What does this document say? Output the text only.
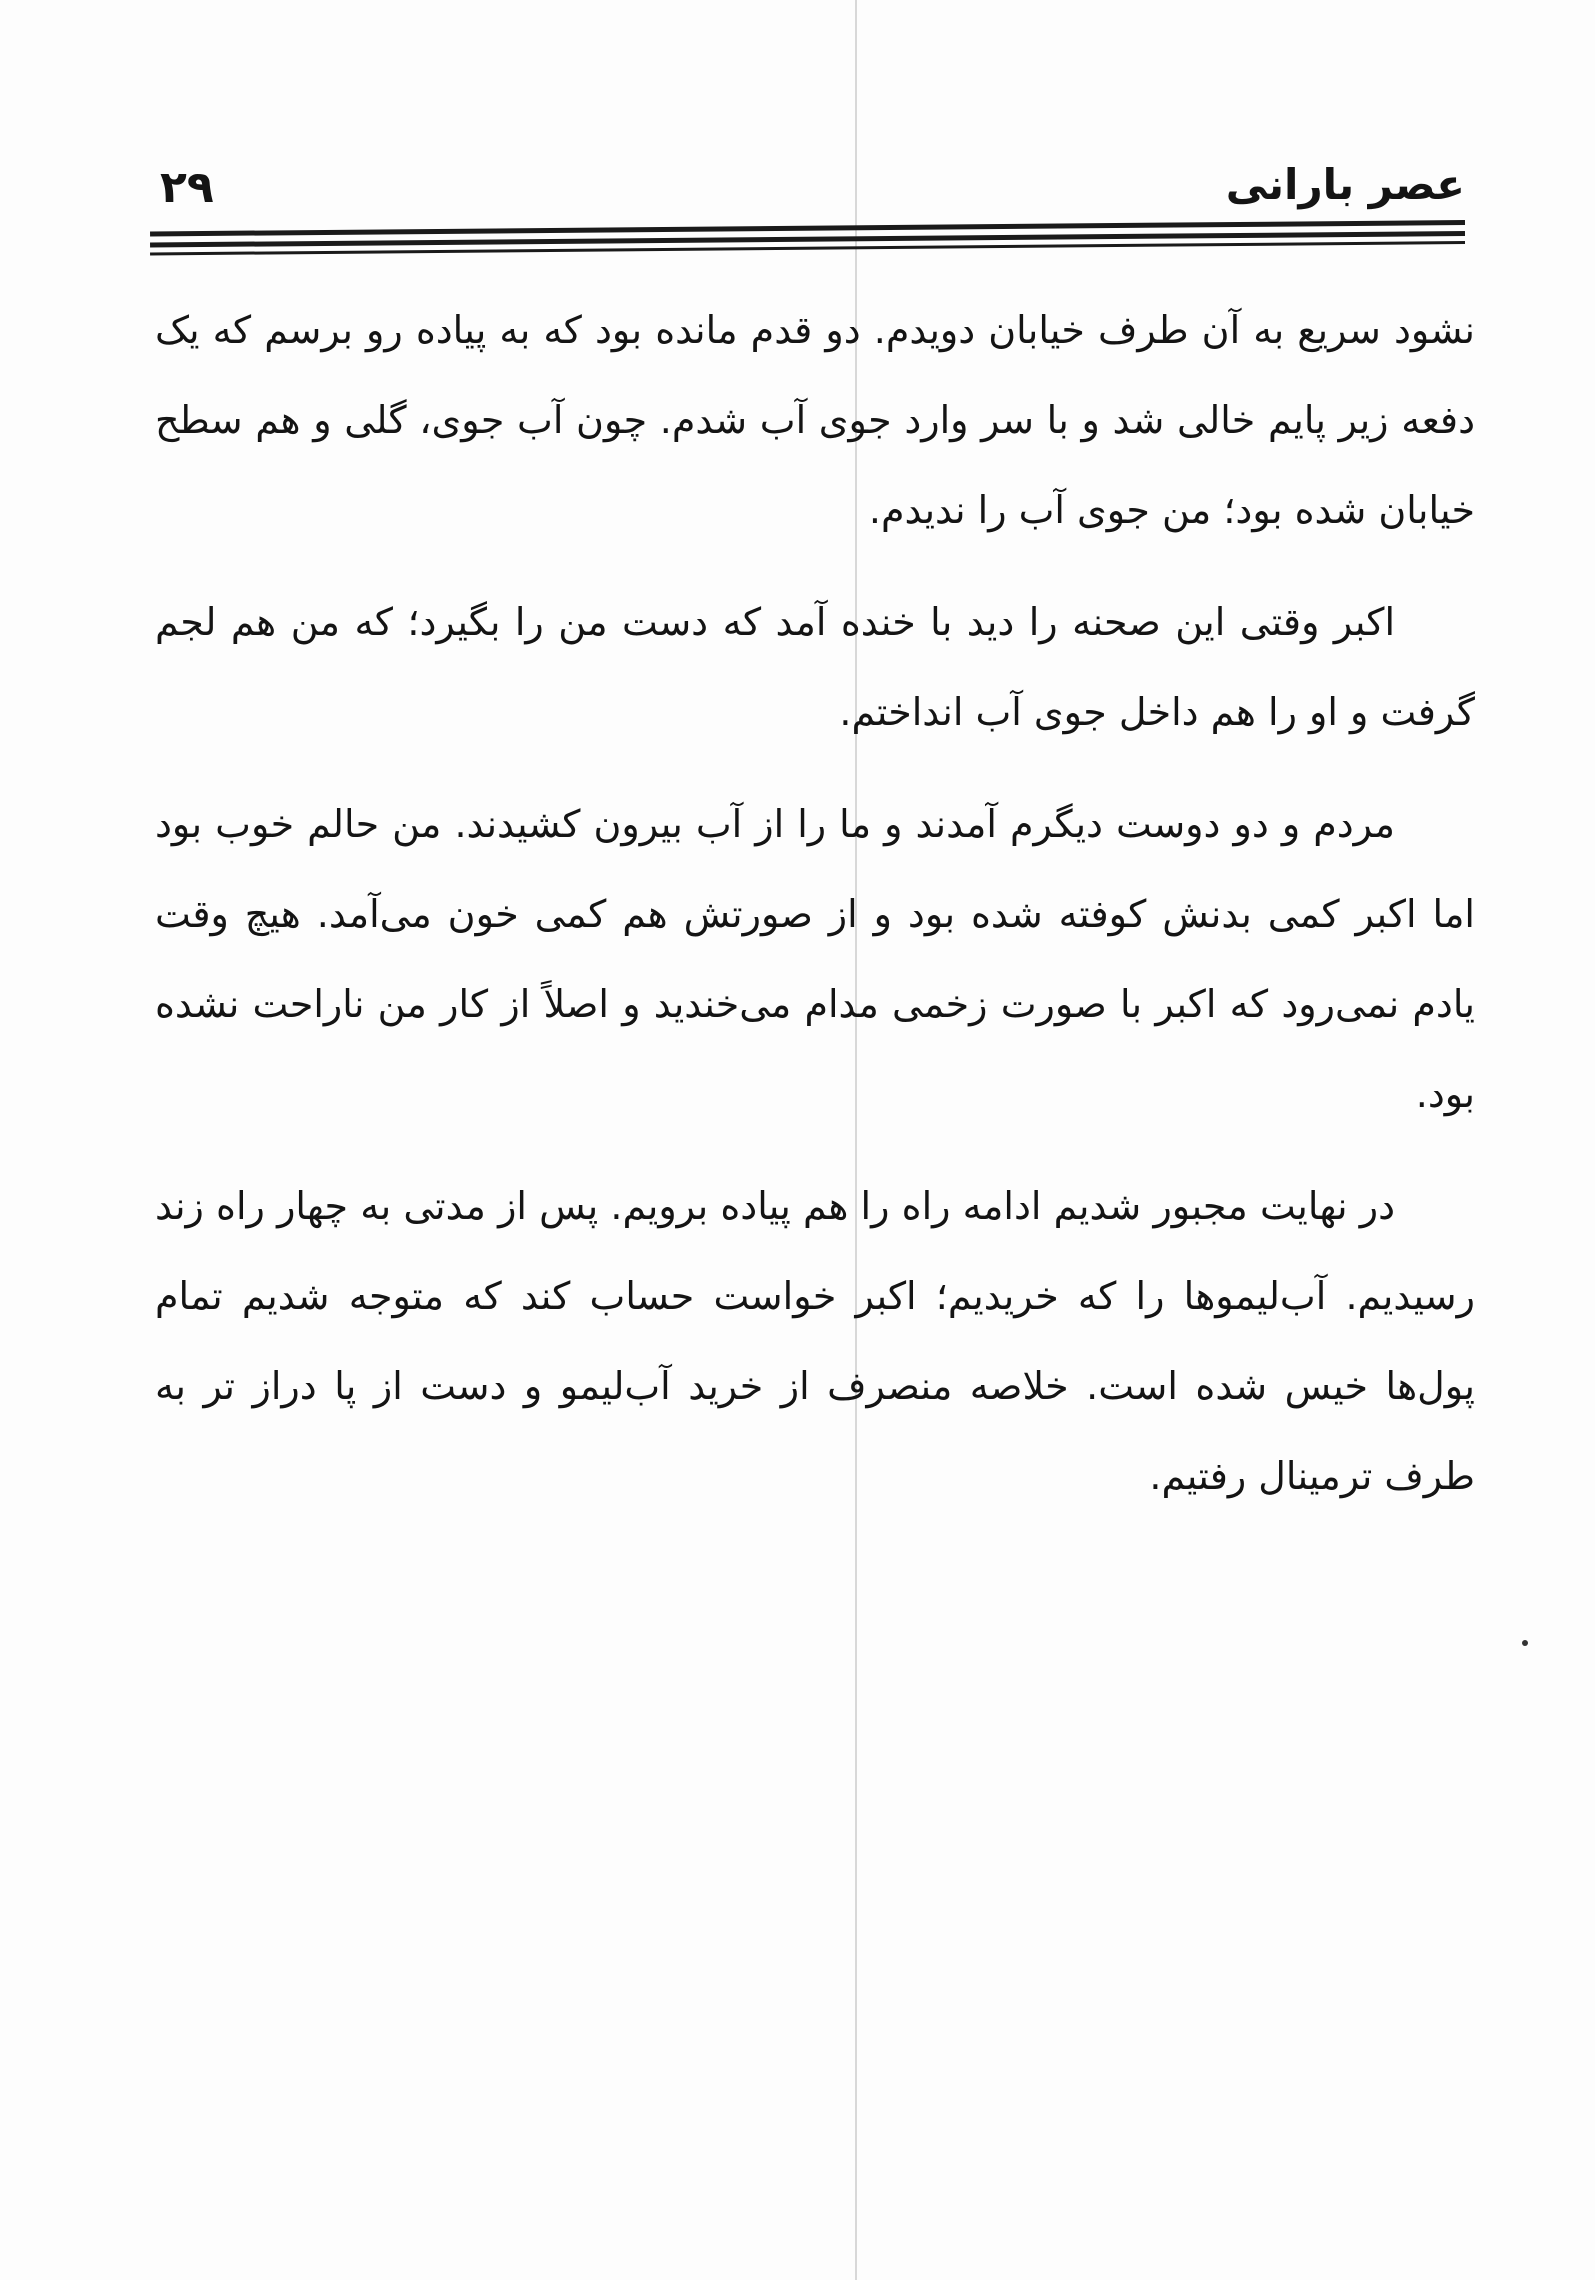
عصر بارانی
۲۹

نشود سریع به آن طرف خیابان دویدم. دو قدم مانده بود که به پیاده رو برسم که یک دفعه زیر پایم خالی شد و با سر وارد جوی آب شدم. چون آب جوی، گلی و هم سطح خیابان شده بود؛ من جوی آب را ندیدم.

اکبر وقتی این صحنه را دید با خنده آمد که دست من را بگیرد؛ که من هم لجم گرفت و او را هم داخل جوی آب انداختم.

مردم و دو دوست دیگرم آمدند و ما را از آب بیرون کشیدند. من حالم خوب بود اما اکبر کمی بدنش کوفته شده بود و از صورتش هم کمی خون می‌آمد. هیچ وقت یادم نمی‌رود که اکبر با صورت زخمی مدام می‌خندید و اصلاً از کار من ناراحت نشده بود.

در نهایت مجبور شدیم ادامه راه را هم پیاده برویم. پس از مدتی به چهار راه زند رسیدیم. آب‌لیموها را که خریدیم؛ اکبر خواست حساب کند که متوجه شدیم تمام پول‌ها خیس شده است. خلاصه منصرف از خرید آب‌لیمو و دست از پا دراز تر به طرف ترمینال رفتیم.
